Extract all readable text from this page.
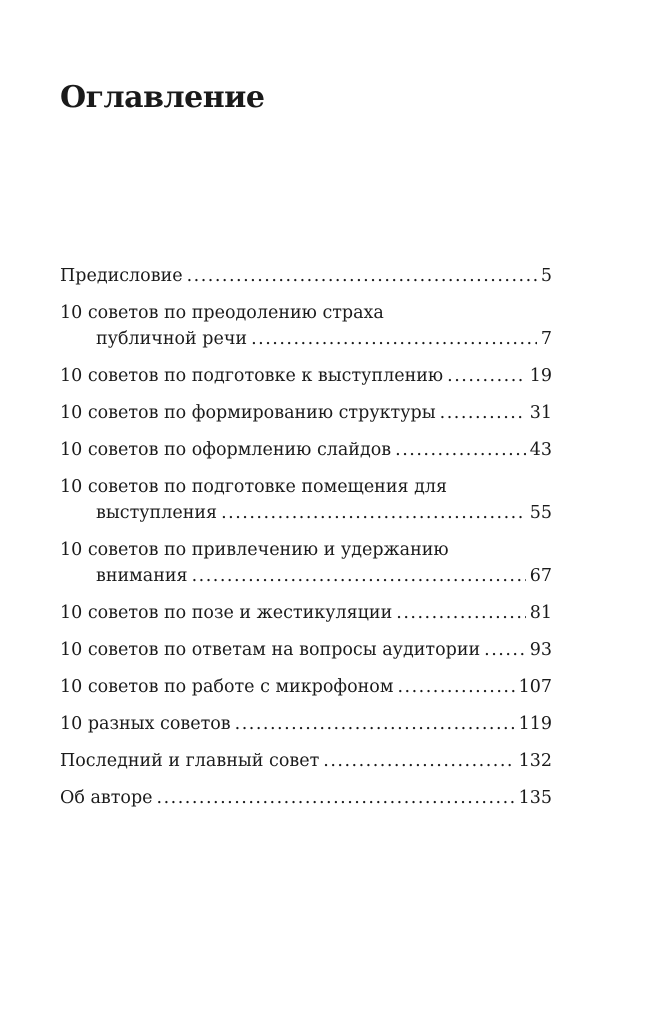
Оглавление
Предисловие .....	5
10 советов по преодолению страха
публичной речи .....	7
10 советов по подготовке к выступлению .....	19
10 советов по формированию структуры .....	31
10 советов по оформлению слайдов .....	43
10 советов по подготовке помещения для
выступления .....	55
10 советов по привлечению и удержанию
внимания .....	67
10 советов по позе и жестикуляции .....	81
10 советов по ответам на вопросы аудитории .....	93
10 советов по работе с микрофоном .....	107
10 разных советов .....	119
Последний и главный совет .....	132
Об авторе .....	135
